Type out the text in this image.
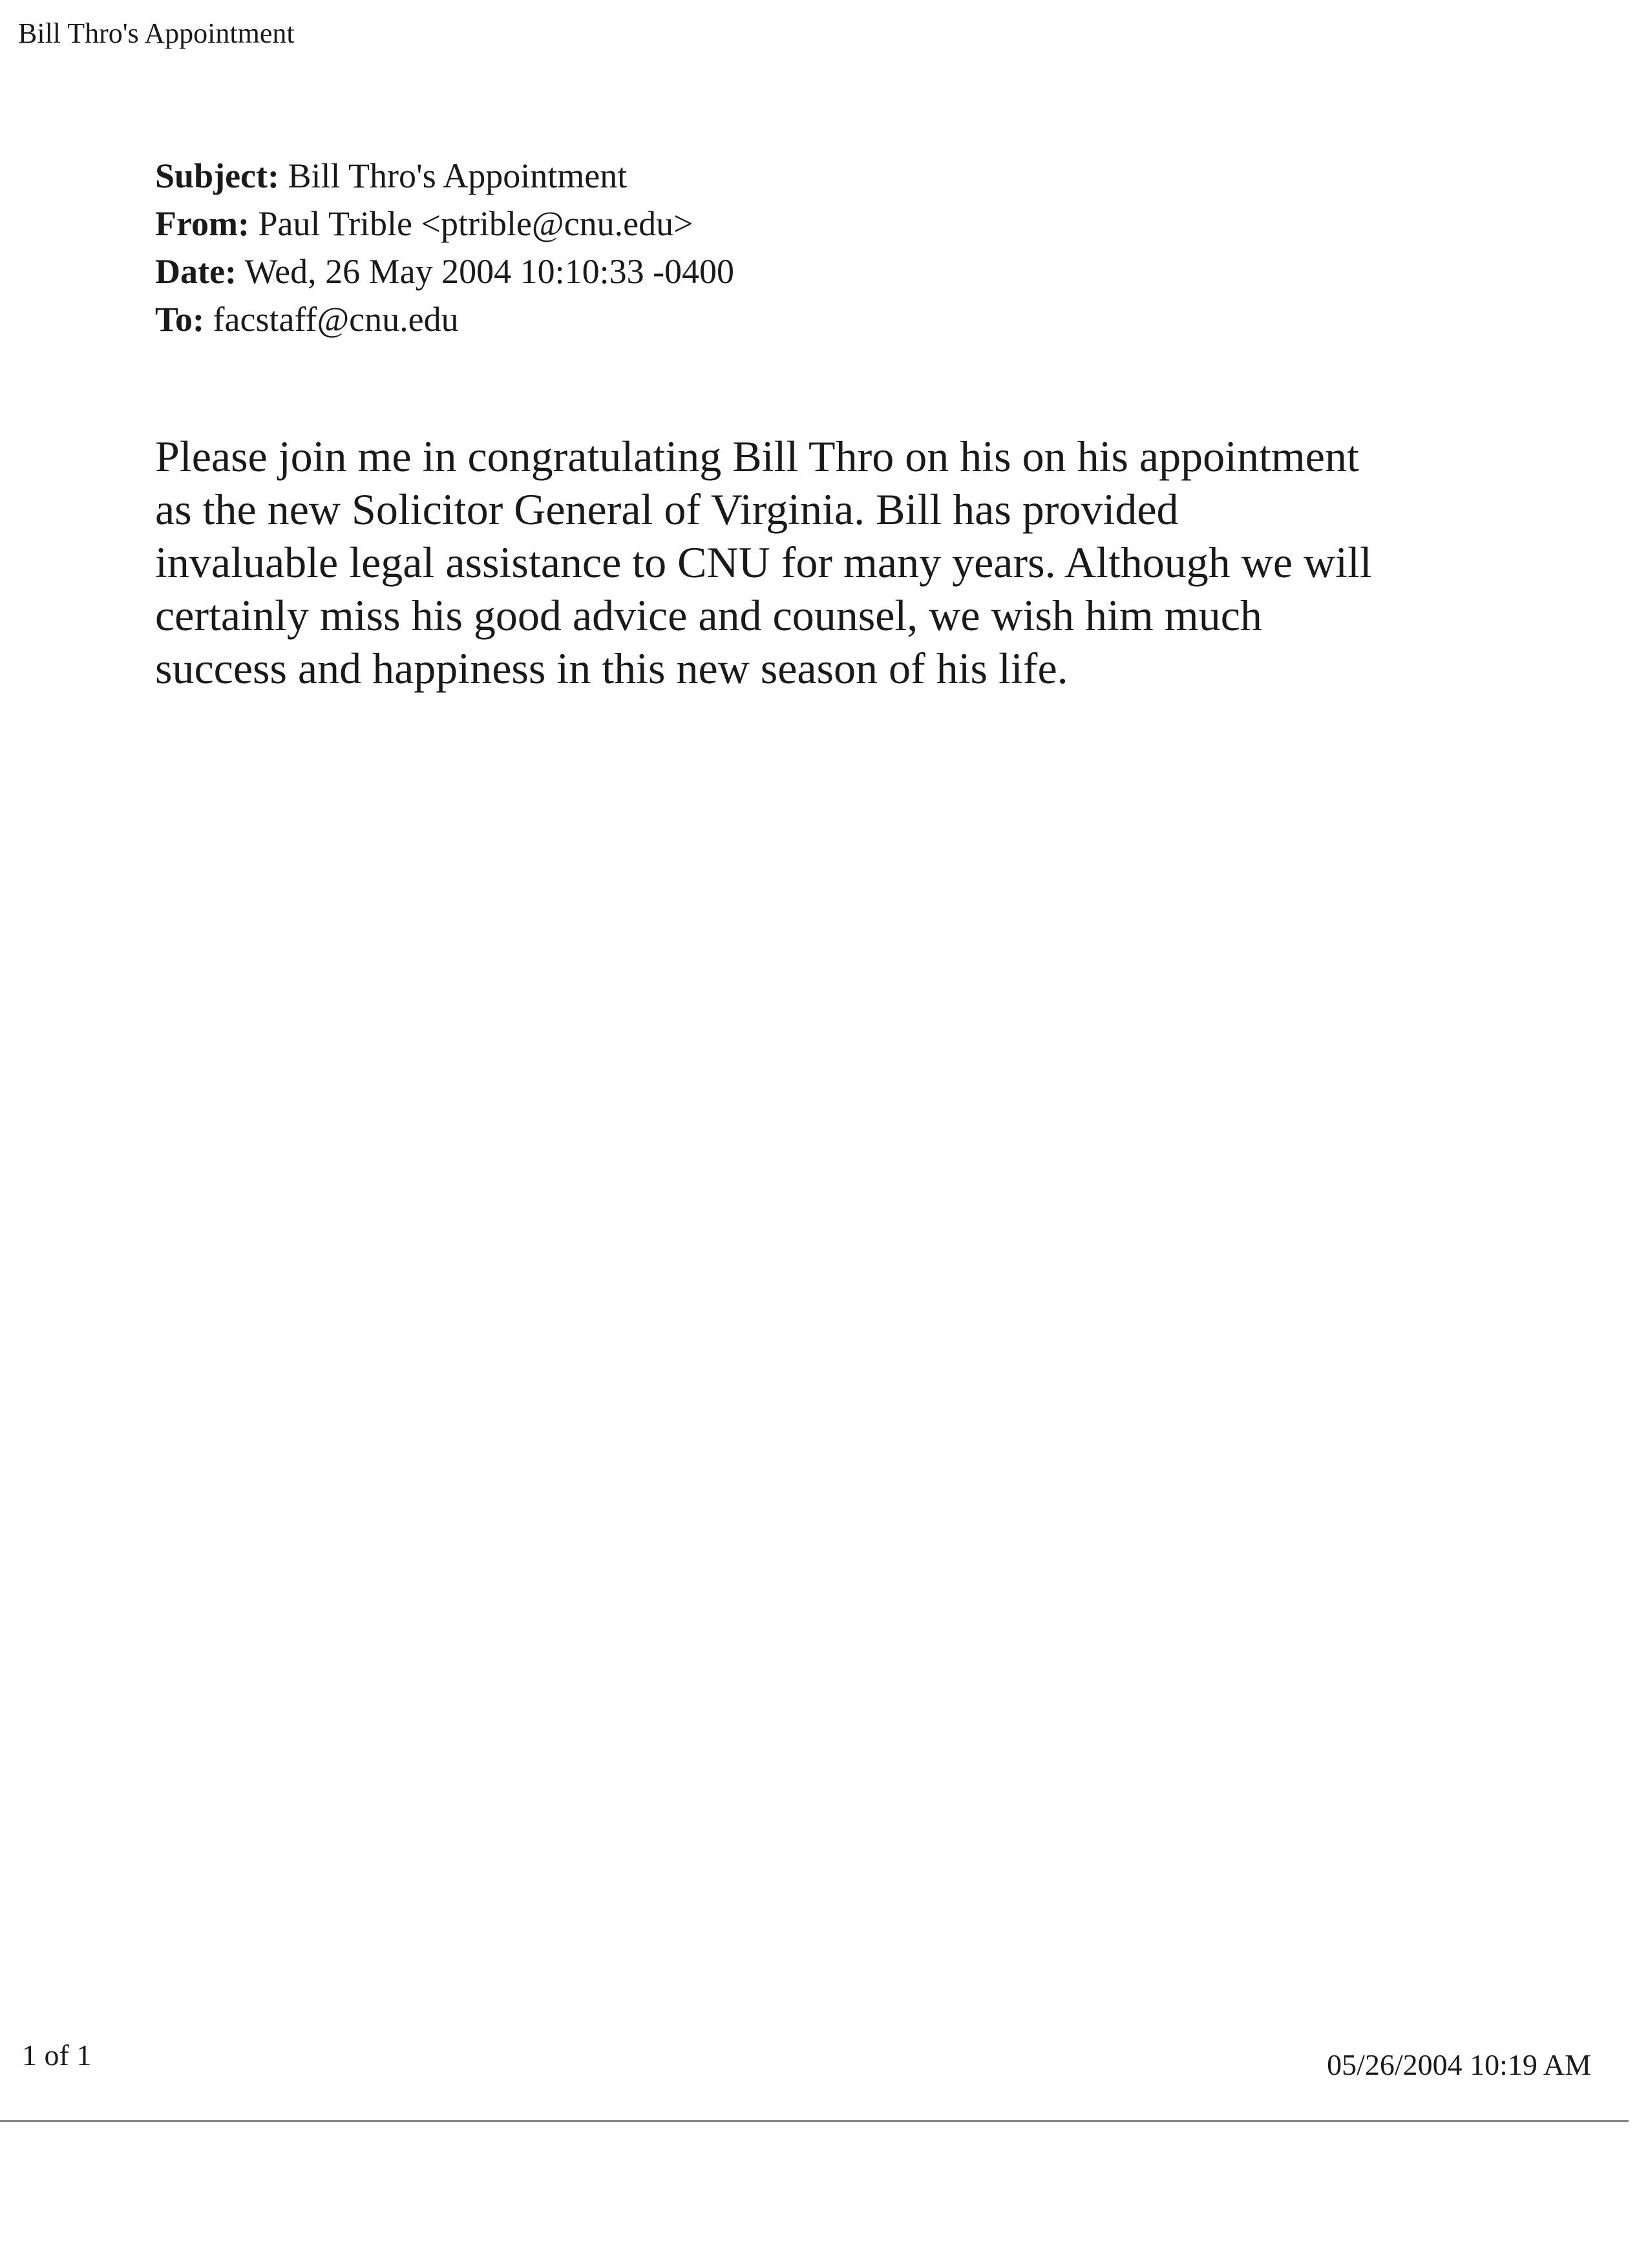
Bill Thro's Appointment
Subject: Bill Thro's Appointment
From: Paul Trible <ptrible@cnu.edu>
Date: Wed, 26 May 2004 10:10:33 -0400
To: facstaff@cnu.edu
Please join me in congratulating Bill Thro on his on his appointment
as the new Solicitor General of Virginia. Bill has provided
invaluable legal assistance to CNU for many years. Although we will
certainly miss his good advice and counsel, we wish him much
success and happiness in this new season of his life.
1 of 1	05/26/2004 10:19 AM
